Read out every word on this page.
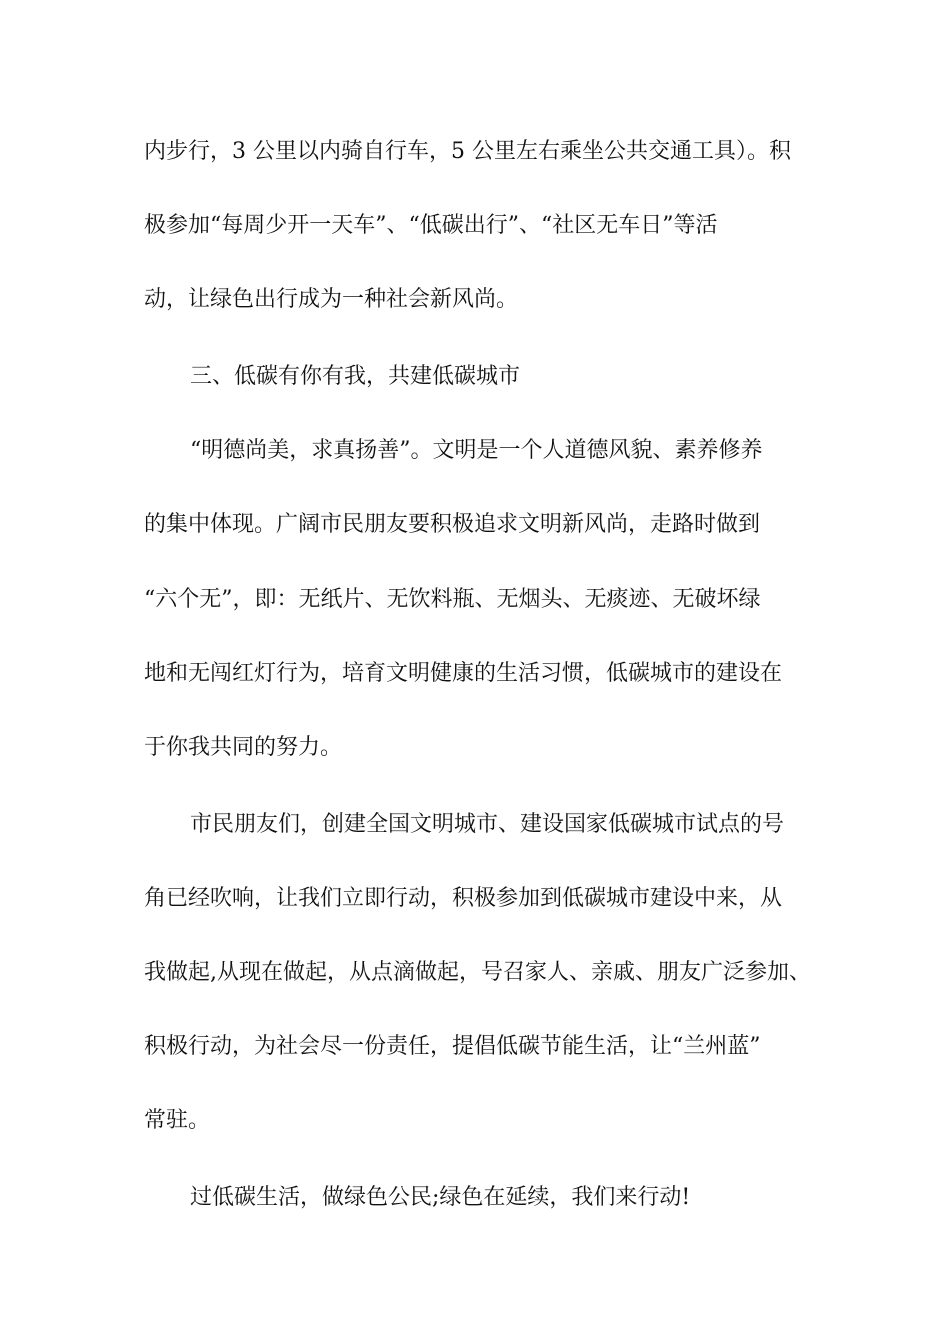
内步行，3 公里以内骑自行车，5 公里左右乘坐公共交通工具）。积
极参加“每周少开一天车”、“低碳出行”、“社区无车日”等活
动，让绿色出行成为一种社会新风尚。
三、低碳有你有我，共建低碳城市
“明德尚美，求真扬善”。文明是一个人道德风貌、素养修养
的集中体现。广阔市民朋友要积极追求文明新风尚，走路时做到
“六个无”，即：无纸片、无饮料瓶、无烟头、无痰迹、无破坏绿
地和无闯红灯行为，培育文明健康的生活习惯，低碳城市的建设在
于你我共同的努力。
市民朋友们，创建全国文明城市、建设国家低碳城市试点的号
角已经吹响，让我们立即行动，积极参加到低碳城市建设中来，从
我做起,从现在做起，从点滴做起，号召家人、亲戚、朋友广泛参加、
积极行动，为社会尽一份责任，提倡低碳节能生活，让“兰州蓝”
常驻。
过低碳生活，做绿色公民;绿色在延续，我们来行动!
